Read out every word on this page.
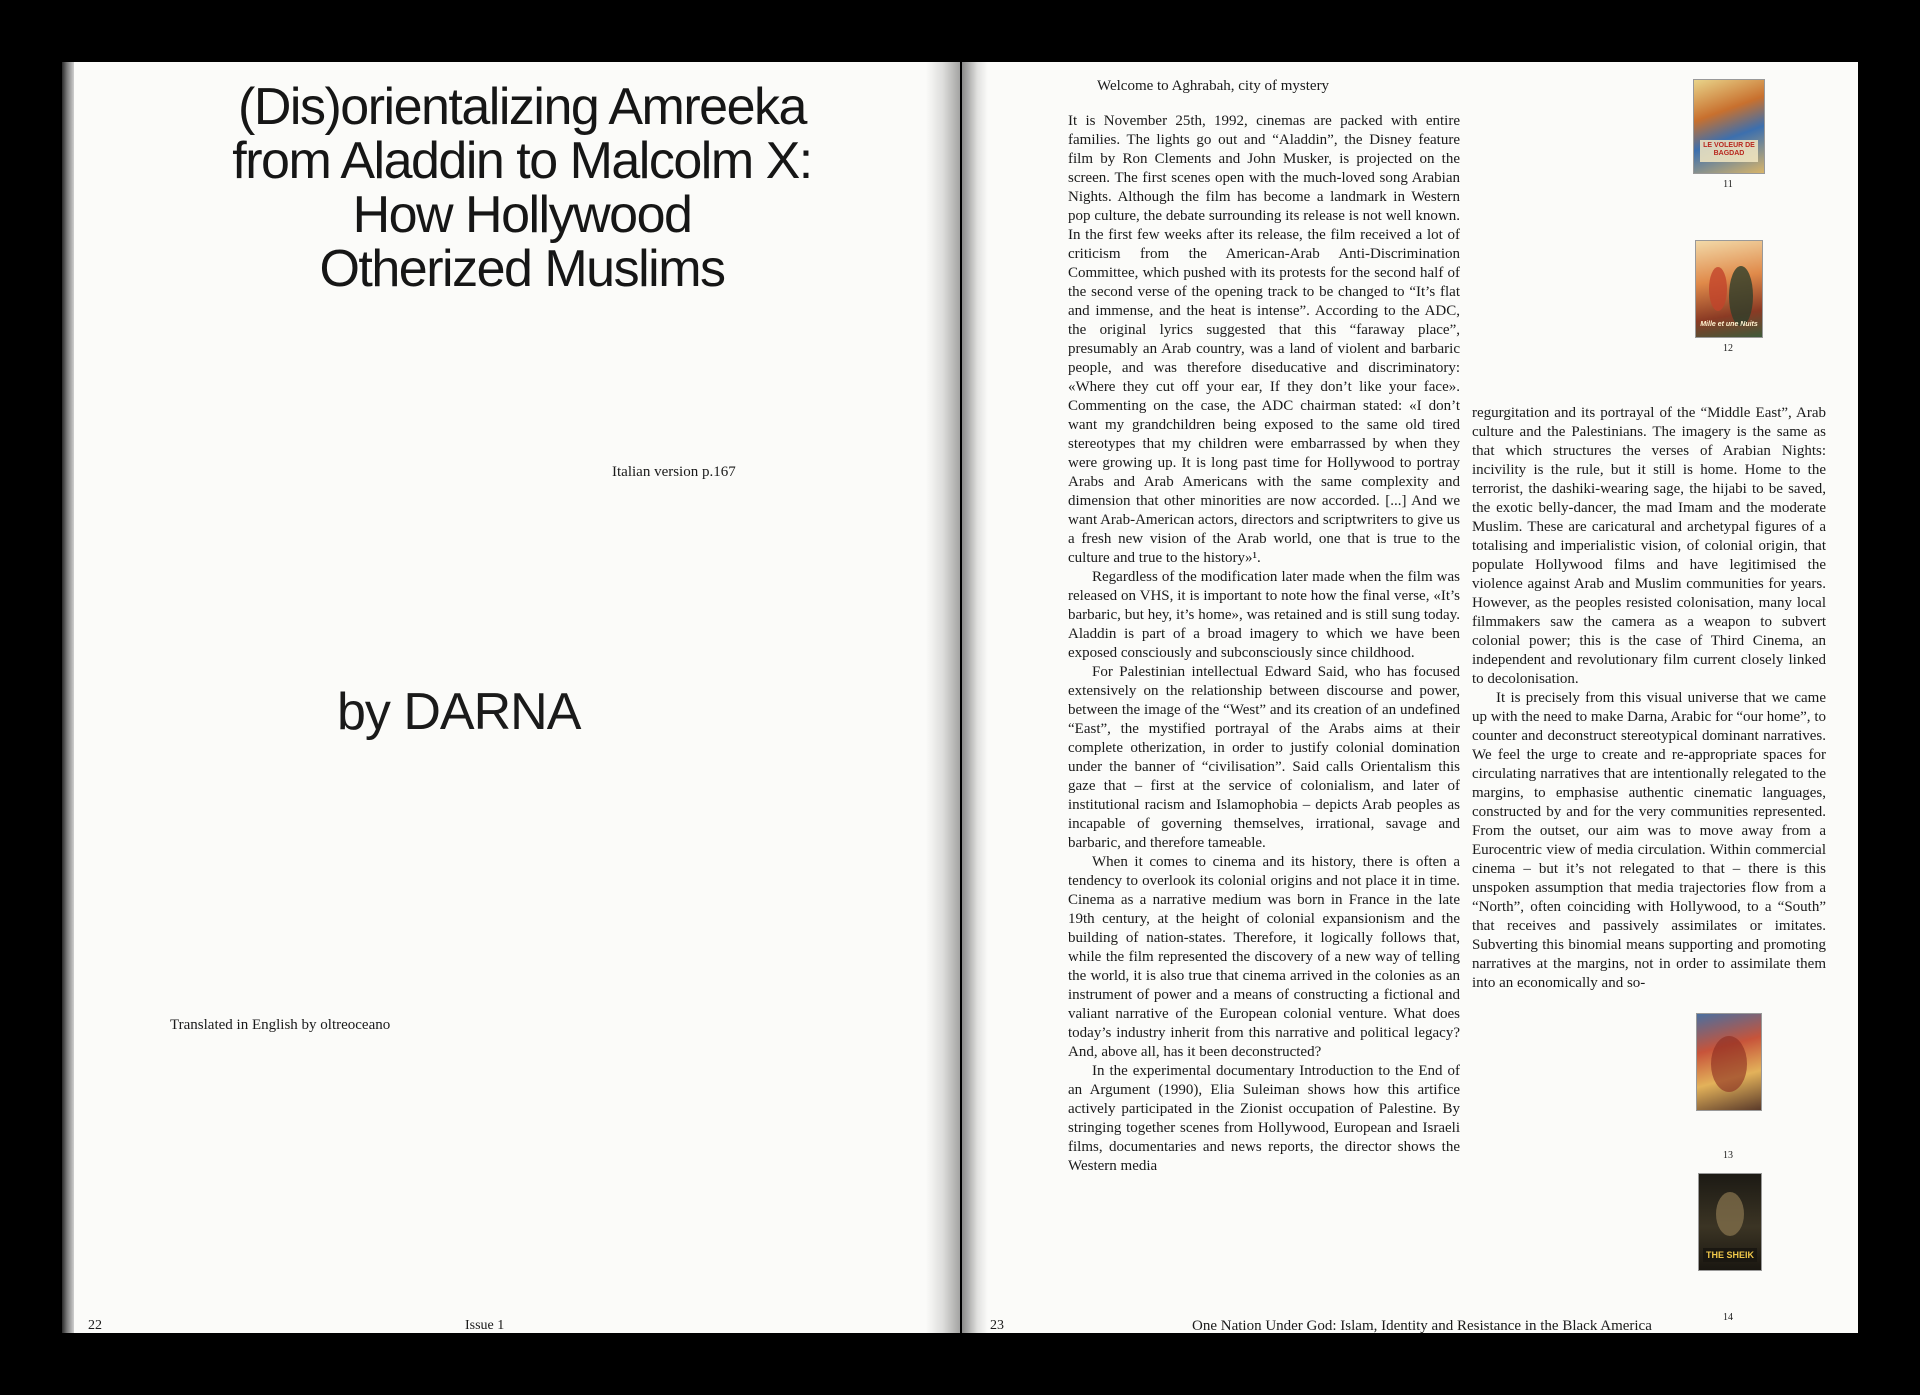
(Dis)orientalizing Amreeka
from Aladdin to Malcolm X:
How Hollywood
Otherized Muslims
Italian version p.167
by DARNA
Translated in English by oltreoceano
22	Issue 1
Welcome to Aghrabah, city of mystery

It is November 25th, 1992, cinemas are packed with entire families. The lights go out and “Aladdin”, the Disney feature film by Ron Clements and John Musker, is projected on the screen. The first scenes open with the much-loved song Arabian Nights. Although the film has become a landmark in Western pop culture, the debate surrounding its release is not well known. In the first few weeks after its release, the film received a lot of criticism from the American-Arab Anti-Discrimination Committee, which pushed with its protests for the second half of the second verse of the opening track to be changed to “It’s flat and immense, and the heat is intense”. According to the ADC, the original lyrics suggested that this “faraway place”, presumably an Arab country, was a land of violent and barbaric people, and was therefore diseducative and discriminatory: «Where they cut off your ear, If they don’t like your face». Commenting on the case, the ADC chairman stated: «I don’t want my grandchildren being exposed to the same old tired stereotypes that my children were embarrassed by when they were growing up. It is long past time for Hollywood to portray Arabs and Arab Americans with the same complexity and dimension that other minorities are now accorded. [...] And we want Arab-American actors, directors and scriptwriters to give us a fresh new vision of the Arab world, one that is true to the culture and true to the history»¹.

Regardless of the modification later made when the film was released on VHS, it is important to note how the final verse, «It’s barbaric, but hey, it’s home», was retained and is still sung today. Aladdin is part of a broad imagery to which we have been exposed consciously and subconsciously since childhood.

For Palestinian intellectual Edward Said, who has focused extensively on the relationship between discourse and power, between the image of the “West” and its creation of an undefined “East”, the mystified portrayal of the Arabs aims at their complete otherization, in order to justify colonial domination under the banner of “civilisation”. Said calls Orientalism this gaze that – first at the service of colonialism, and later of institutional racism and Islamophobia – depicts Arab peoples as incapable of governing themselves, irrational, savage and barbaric, and therefore tameable.

When it comes to cinema and its history, there is often a tendency to overlook its colonial origins and not place it in time. Cinema as a narrative medium was born in France in the late 19th century, at the height of colonial expansionism and the building of nation-states. Therefore, it logically follows that, while the film represented the discovery of a new way of telling the world, it is also true that cinema arrived in the colonies as an instrument of power and a means of constructing a fictional and valiant narrative of the European colonial venture. What does today’s industry inherit from this narrative and political legacy? And, above all, has it been deconstructed?

In the experimental documentary Introduction to the End of an Argument (1990), Elia Suleiman shows how this artifice actively participated in the Zionist occupation of Palestine. By stringing together scenes from Hollywood, European and Israeli films, documentaries and news reports, the director shows the Western media

regurgitation and its portrayal of the “Middle East”, Arab culture and the Palestinians. The imagery is the same as that which structures the verses of Arabian Nights: incivility is the rule, but it still is home. Home to the terrorist, the dashiki-wearing sage, the hijabi to be saved, the exotic belly-dancer, the mad Imam and the moderate Muslim. These are caricatural and archetypal figures of a totalising and imperialistic vision, of colonial origin, that populate Hollywood films and have legitimised the violence against Arab and Muslim communities for years. However, as the peoples resisted colonisation, many local filmmakers saw the camera as a weapon to subvert colonial power; this is the case of Third Cinema, an independent and revolutionary film current closely linked to decolonisation.

It is precisely from this visual universe that we came up with the need to make Darna, Arabic for “our home”, to counter and deconstruct stereotypical dominant narratives. We feel the urge to create and re-appropriate spaces for circulating narratives that are intentionally relegated to the margins, to emphasise authentic cinematic languages, constructed by and for the very communities represented. From the outset, our aim was to move away from a Eurocentric view of media circulation. Within commercial cinema – but it’s not relegated to that – there is this unspoken assumption that media trajectories flow from a “North”, often coinciding with Hollywood, to a “South” that receives and passively assimilates or imitates. Subverting this binomial means supporting and promoting narratives at the margins, not in order to assimilate them into an economically and so-

LE VOLEUR DE BAGDAD
11
Mille et une Nuits
12
13
THE SHEIK
14
23	One Nation Under God: Islam, Identity and Resistance in the Black America
